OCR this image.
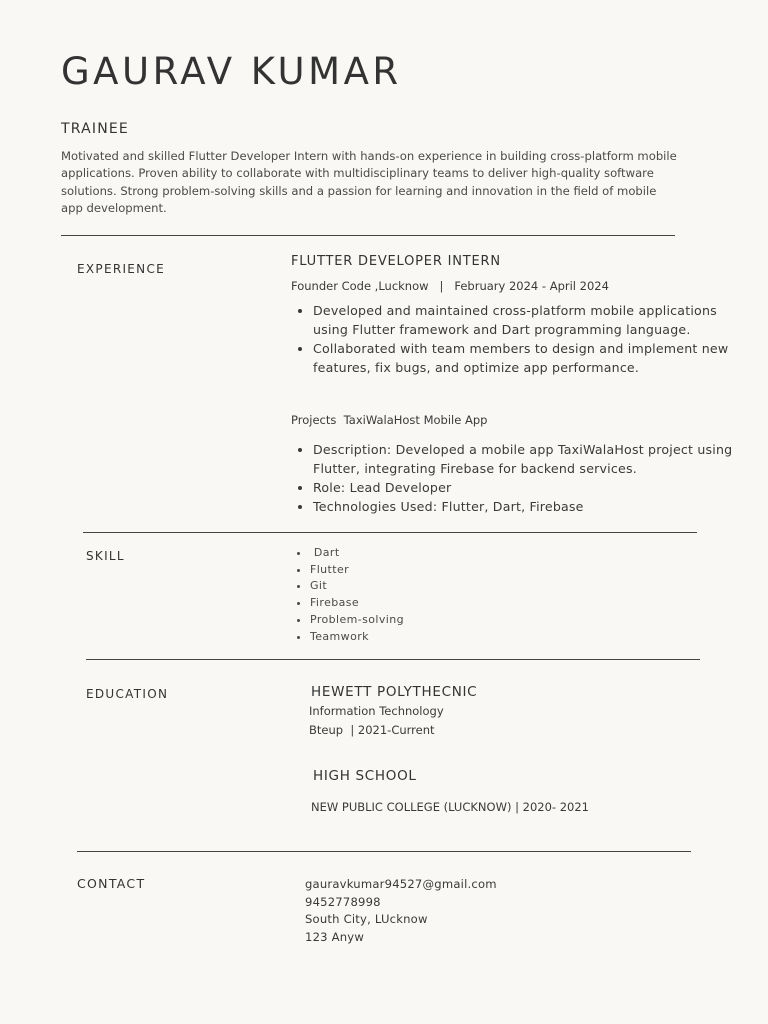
GAURAV KUMAR
TRAINEE
Motivated and skilled Flutter Developer Intern with hands-on experience in building cross-platform mobile applications. Proven ability to collaborate with multidisciplinary teams to deliver high-quality software solutions. Strong problem-solving skills and a passion for learning and innovation in the field of mobile app development.
EXPERIENCE	FLUTTER DEVELOPER INTERN
Founder Code ,Lucknow | February 2024 - April 2024
• Developed and maintained cross-platform mobile applications using Flutter framework and Dart programming language.
• Collaborated with team members to design and implement new features, fix bugs, and optimize app performance.
Projects  TaxiWalaHost Mobile App
• Description: Developed a mobile app TaxiWalaHost project using Flutter, integrating Firebase for backend services.
• Role: Lead Developer
• Technologies Used: Flutter, Dart, Firebase
SKILL
•	Dart
• Flutter
• Git
• Firebase
• Problem-solving
• Teamwork
EDUCATION	HEWETT POLYTHECNIC
Information Technology
Bteup  | 2021-Current
HIGH SCHOOL
NEW PUBLIC COLLEGE (LUCKNOW) | 2020- 2021
CONTACT	gauravkumar94527@gmail.com
9452778998
South City, LUcknow
123 Anyw
